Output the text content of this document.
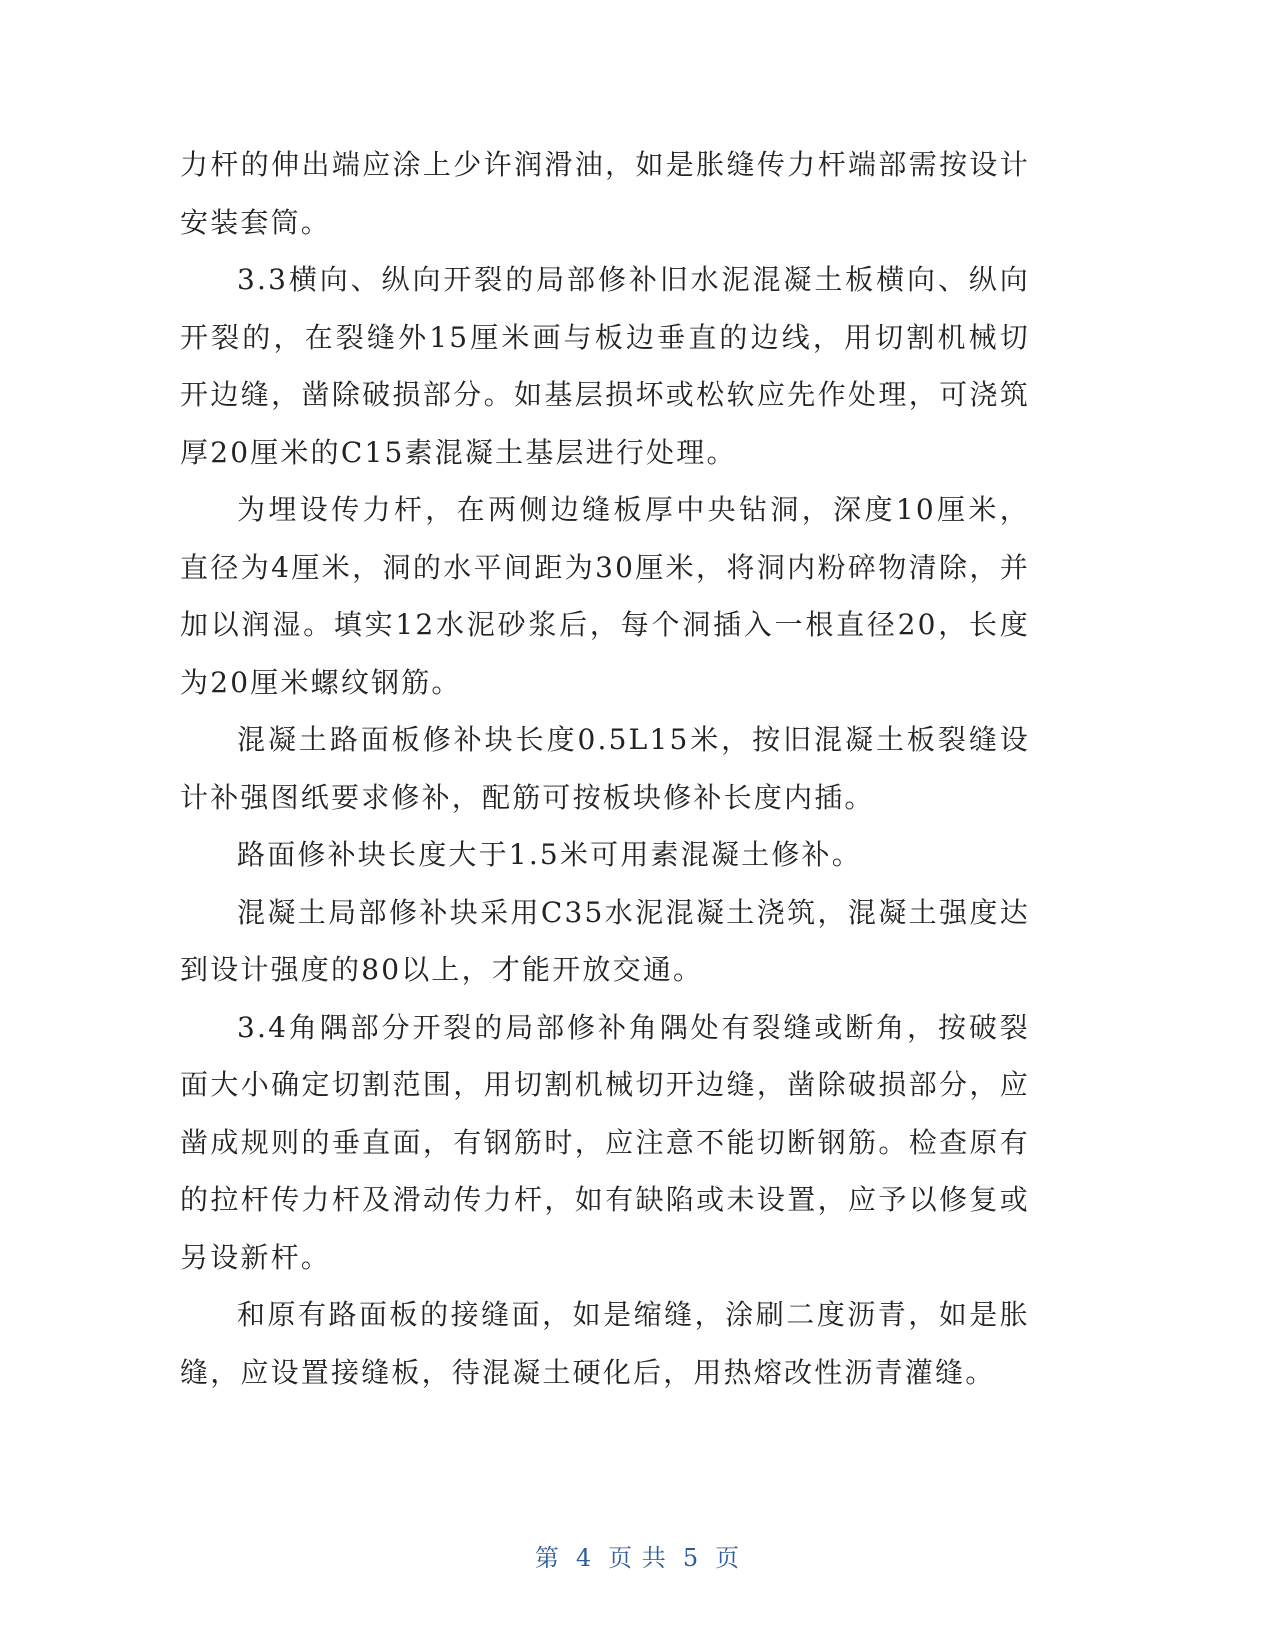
力杆的伸出端应涂上少许润滑油，如是胀缝传力杆端部需按设计安装套筒。

3.3横向、纵向开裂的局部修补旧水泥混凝土板横向、纵向开裂的，在裂缝外15厘米画与板边垂直的边线，用切割机械切开边缝，凿除破损部分。如基层损坏或松软应先作处理，可浇筑厚20厘米的C15素混凝土基层进行处理。

为埋设传力杆，在两侧边缝板厚中央钻洞，深度10厘米，直径为4厘米，洞的水平间距为30厘米，将洞内粉碎物清除，并加以润湿。填实12水泥砂浆后，每个洞插入一根直径20，长度为20厘米螺纹钢筋。

混凝土路面板修补块长度0.5L15米，按旧混凝土板裂缝设计补强图纸要求修补，配筋可按板块修补长度内插。

路面修补块长度大于1.5米可用素混凝土修补。

混凝土局部修补块采用C35水泥混凝土浇筑，混凝土强度达到设计强度的80以上，才能开放交通。

3.4角隅部分开裂的局部修补角隅处有裂缝或断角，按破裂面大小确定切割范围，用切割机械切开边缝，凿除破损部分，应凿成规则的垂直面，有钢筋时，应注意不能切断钢筋。检查原有的拉杆传力杆及滑动传力杆，如有缺陷或未设置，应予以修复或另设新杆。

和原有路面板的接缝面，如是缩缝，涂刷二度沥青，如是胀缝，应设置接缝板，待混凝土硬化后，用热熔改性沥青灌缝。

第 4 页 共 5 页
